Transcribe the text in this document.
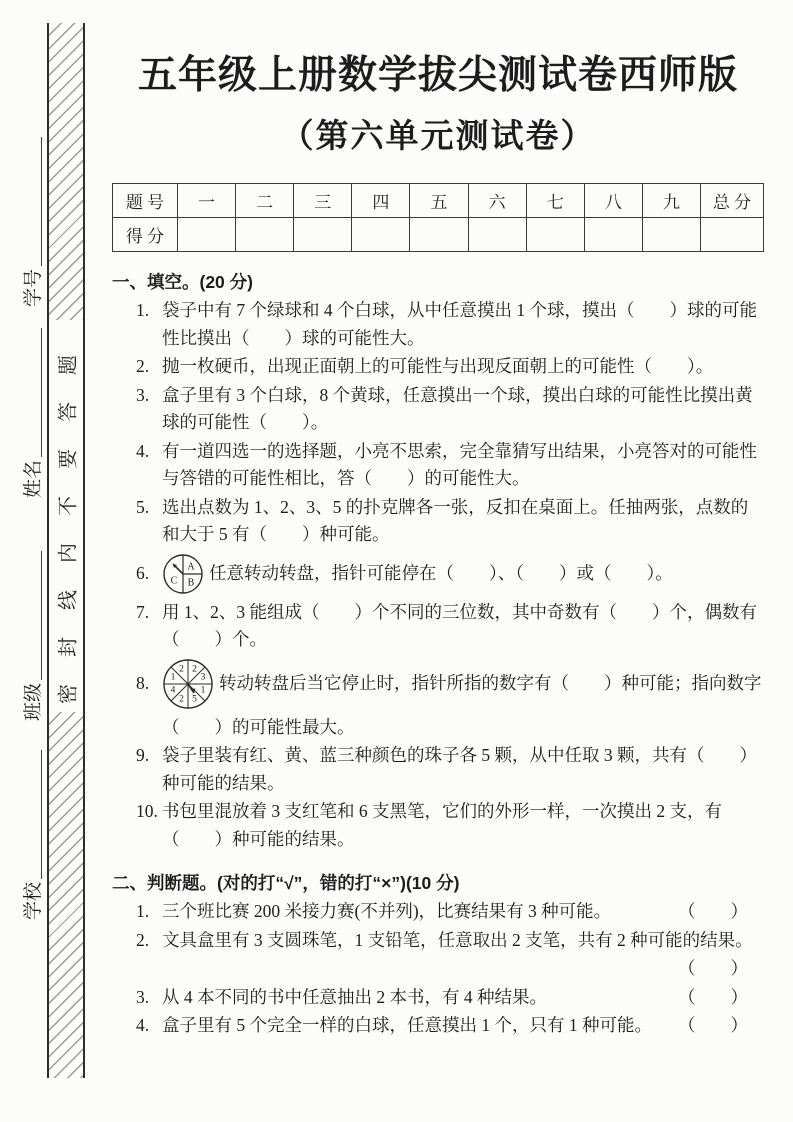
密封线内不要答题
学号
姓名
班级
学校
五年级上册数学拔尖测试卷西师版
（第六单元测试卷）
题 号	一	二	三	四	五	六	七	八	九	总 分
得 分										
一、填空。(20 分)
1. 袋子中有 7 个绿球和 4 个白球，从中任意摸出 1 个球，摸出（　　）球的可能性比摸出（　　）球的可能性大。
2. 抛一枚硬币，出现正面朝上的可能性与出现反面朝上的可能性（　　）。
3. 盒子里有 3 个白球，8 个黄球，任意摸出一个球，摸出白球的可能性比摸出黄球的可能性（　　）。
4. 有一道四选一的选择题，小亮不思索，完全靠猜写出结果，小亮答对的可能性与答错的可能性相比，答（　　）的可能性大。
5. 选出点数为 1、2、3、5 的扑克牌各一张，反扣在桌面上。任抽两张，点数的和大于 5 有（　　）种可能。
6.	A
B
C 任意转动转盘，指针可能停在（　　）、（　　）或（　　）。
7. 用 1、2、3 能组成（　　）个不同的三位数，其中奇数有（　　）个，偶数有（　　）个。
8.
2 2
3
1
5
2
4
1 转动转盘后当它停止时，指针所指的数字有（　　）种可能；指向数字
（　　）的可能性最大。
9. 袋子里装有红、黄、蓝三种颜色的珠子各 5 颗，从中任取 3 颗，共有（　　）种可能的结果。
10. 书包里混放着 3 支红笔和 6 支黑笔，它们的外形一样，一次摸出 2 支，有（　　）种可能的结果。
二、判断题。(对的打“√”，错的打“×”)(10 分)
1. 三个班比赛 200 米接力赛(不并列)，比赛结果有 3 种可能。	（　　）
2. 文具盒里有 3 支圆珠笔，1 支铅笔，任意取出 2 支笔，共有 2 种可能的结果。
（　　）
3. 从 4 本不同的书中任意抽出 2 本书，有 4 种结果。	（　　）
4. 盒子里有 5 个完全一样的白球，任意摸出 1 个，只有 1 种可能。	（　　）
